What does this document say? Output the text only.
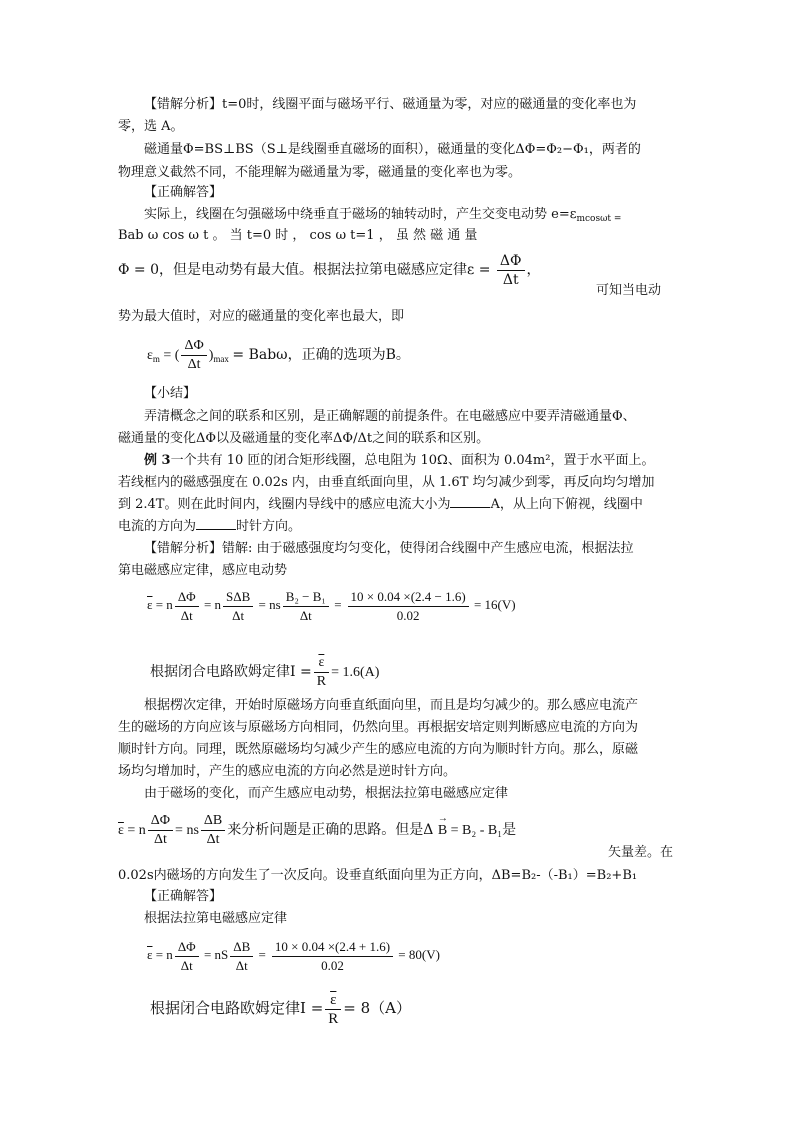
【错解分析】t=0时，线圈平面与磁场平行、磁通量为零，对应的磁通量的变化率也为
零，选 A。
磁通量Φ=BS⊥BS（S⊥是线圈垂直磁场的面积），磁通量的变化ΔΦ=Φ₂−Φ₁，两者的
物理意义截然不同，不能理解为磁通量为零，磁通量的变化率也为零。
【正确解答】
实际上，线圈在匀强磁场中绕垂直于磁场的轴转动时，产生交变电动势 $e=\varepsilon_{mcos\omega t =}$
Bab ω cos ω t 。 当 t=0 时 ， cos ω t=1 ， 虽 然 磁 通 量
Φ = 0，但是电动势有最大值。根据法拉第电磁感应定律$\varepsilon = \frac{\Delta\Phi}{\Delta t}$ ，
可知当电动
势为最大值时，对应的磁通量的变化率也最大，即
$\varepsilon_m$ = ( $\frac{\Delta\Phi}{\Delta t} )_{max} = Bab\omega$，正确的选项为B。
【小结】
弄清概念之间的联系和区别，是正确解题的前提条件。在电磁感应中要弄清磁通量Φ、
磁通量的变化ΔΦ以及磁通量的变化率ΔΦ/Δt之间的联系和区别。
例 3一个共有 10 匝的闭合矩形线圈，总电阻为 10Ω、面积为 0.04m²，置于水平面上。
若线框内的磁感强度在 0.02s 内，由垂直纸面向里，从 1.6T 均匀减少到零，再反向均匀增加
到 2.4T。则在此时间内，线圈内导线中的感应电流大小为	A，从上向下俯视，线圈中
电流的方向为	时针方向。
【错解分析】错解: 由于磁感强度均匀变化，使得闭合线圈中产生感应电流，根据法拉
第电磁感应定律，感应电动势
$\overline{\varepsilon} = n \frac{\Delta\Phi}{\Delta t} = n \frac{\text{SΔB}}{\Delta t}$ = ns $\frac{\text{B₂ − B₁}}{\Delta t} = \frac{10 \times 0.04 \times(2.4 - 1.6)}{0.02} = 16(V)$
根据闭合电路欧姆定律$I = \frac{\overline{\varepsilon}}{R} = 1.6(A)$
根据楞次定律，开始时原磁场方向垂直纸面向里，而且是均匀减少的。那么感应电流产
生的磁场的方向应该与原磁场方向相同，仍然向里。再根据安培定则判断感应电流的方向为
顺时针方向。同理，既然原磁场均匀减少产生的感应电流的方向为顺时针方向。那么，原磁
场均匀增加时，产生的感应电流的方向必然是逆时针方向。
由于磁场的变化，而产生感应电动势，根据法拉第电磁感应定律
$\overline{\varepsilon} = n \frac{\Delta\Phi}{\Delta t}$ = ns $\frac{\Delta B}{\Delta t}$ 来分析问题是正确的思路。但是Δ → B = B₂ - B₁是
矢量差。在
0.02s内磁场的方向发生了一次反向。设垂直纸面向里为正方向，ΔB=B₂-（-B₁）=B₂+B₁
【正确解答】
根据法拉第电磁感应定律
$\overline{\varepsilon} = n \frac{\Delta\Phi}{\Delta t}$ = nS $\frac{\Delta B}{\Delta t} = \frac{10 \times 0.04 \times(2.4 + 1.6)}{0.02} = 80(V)$
根据闭合电路欧姆定律$I = \frac{\overline{\varepsilon}}{R} = 8(A)$
